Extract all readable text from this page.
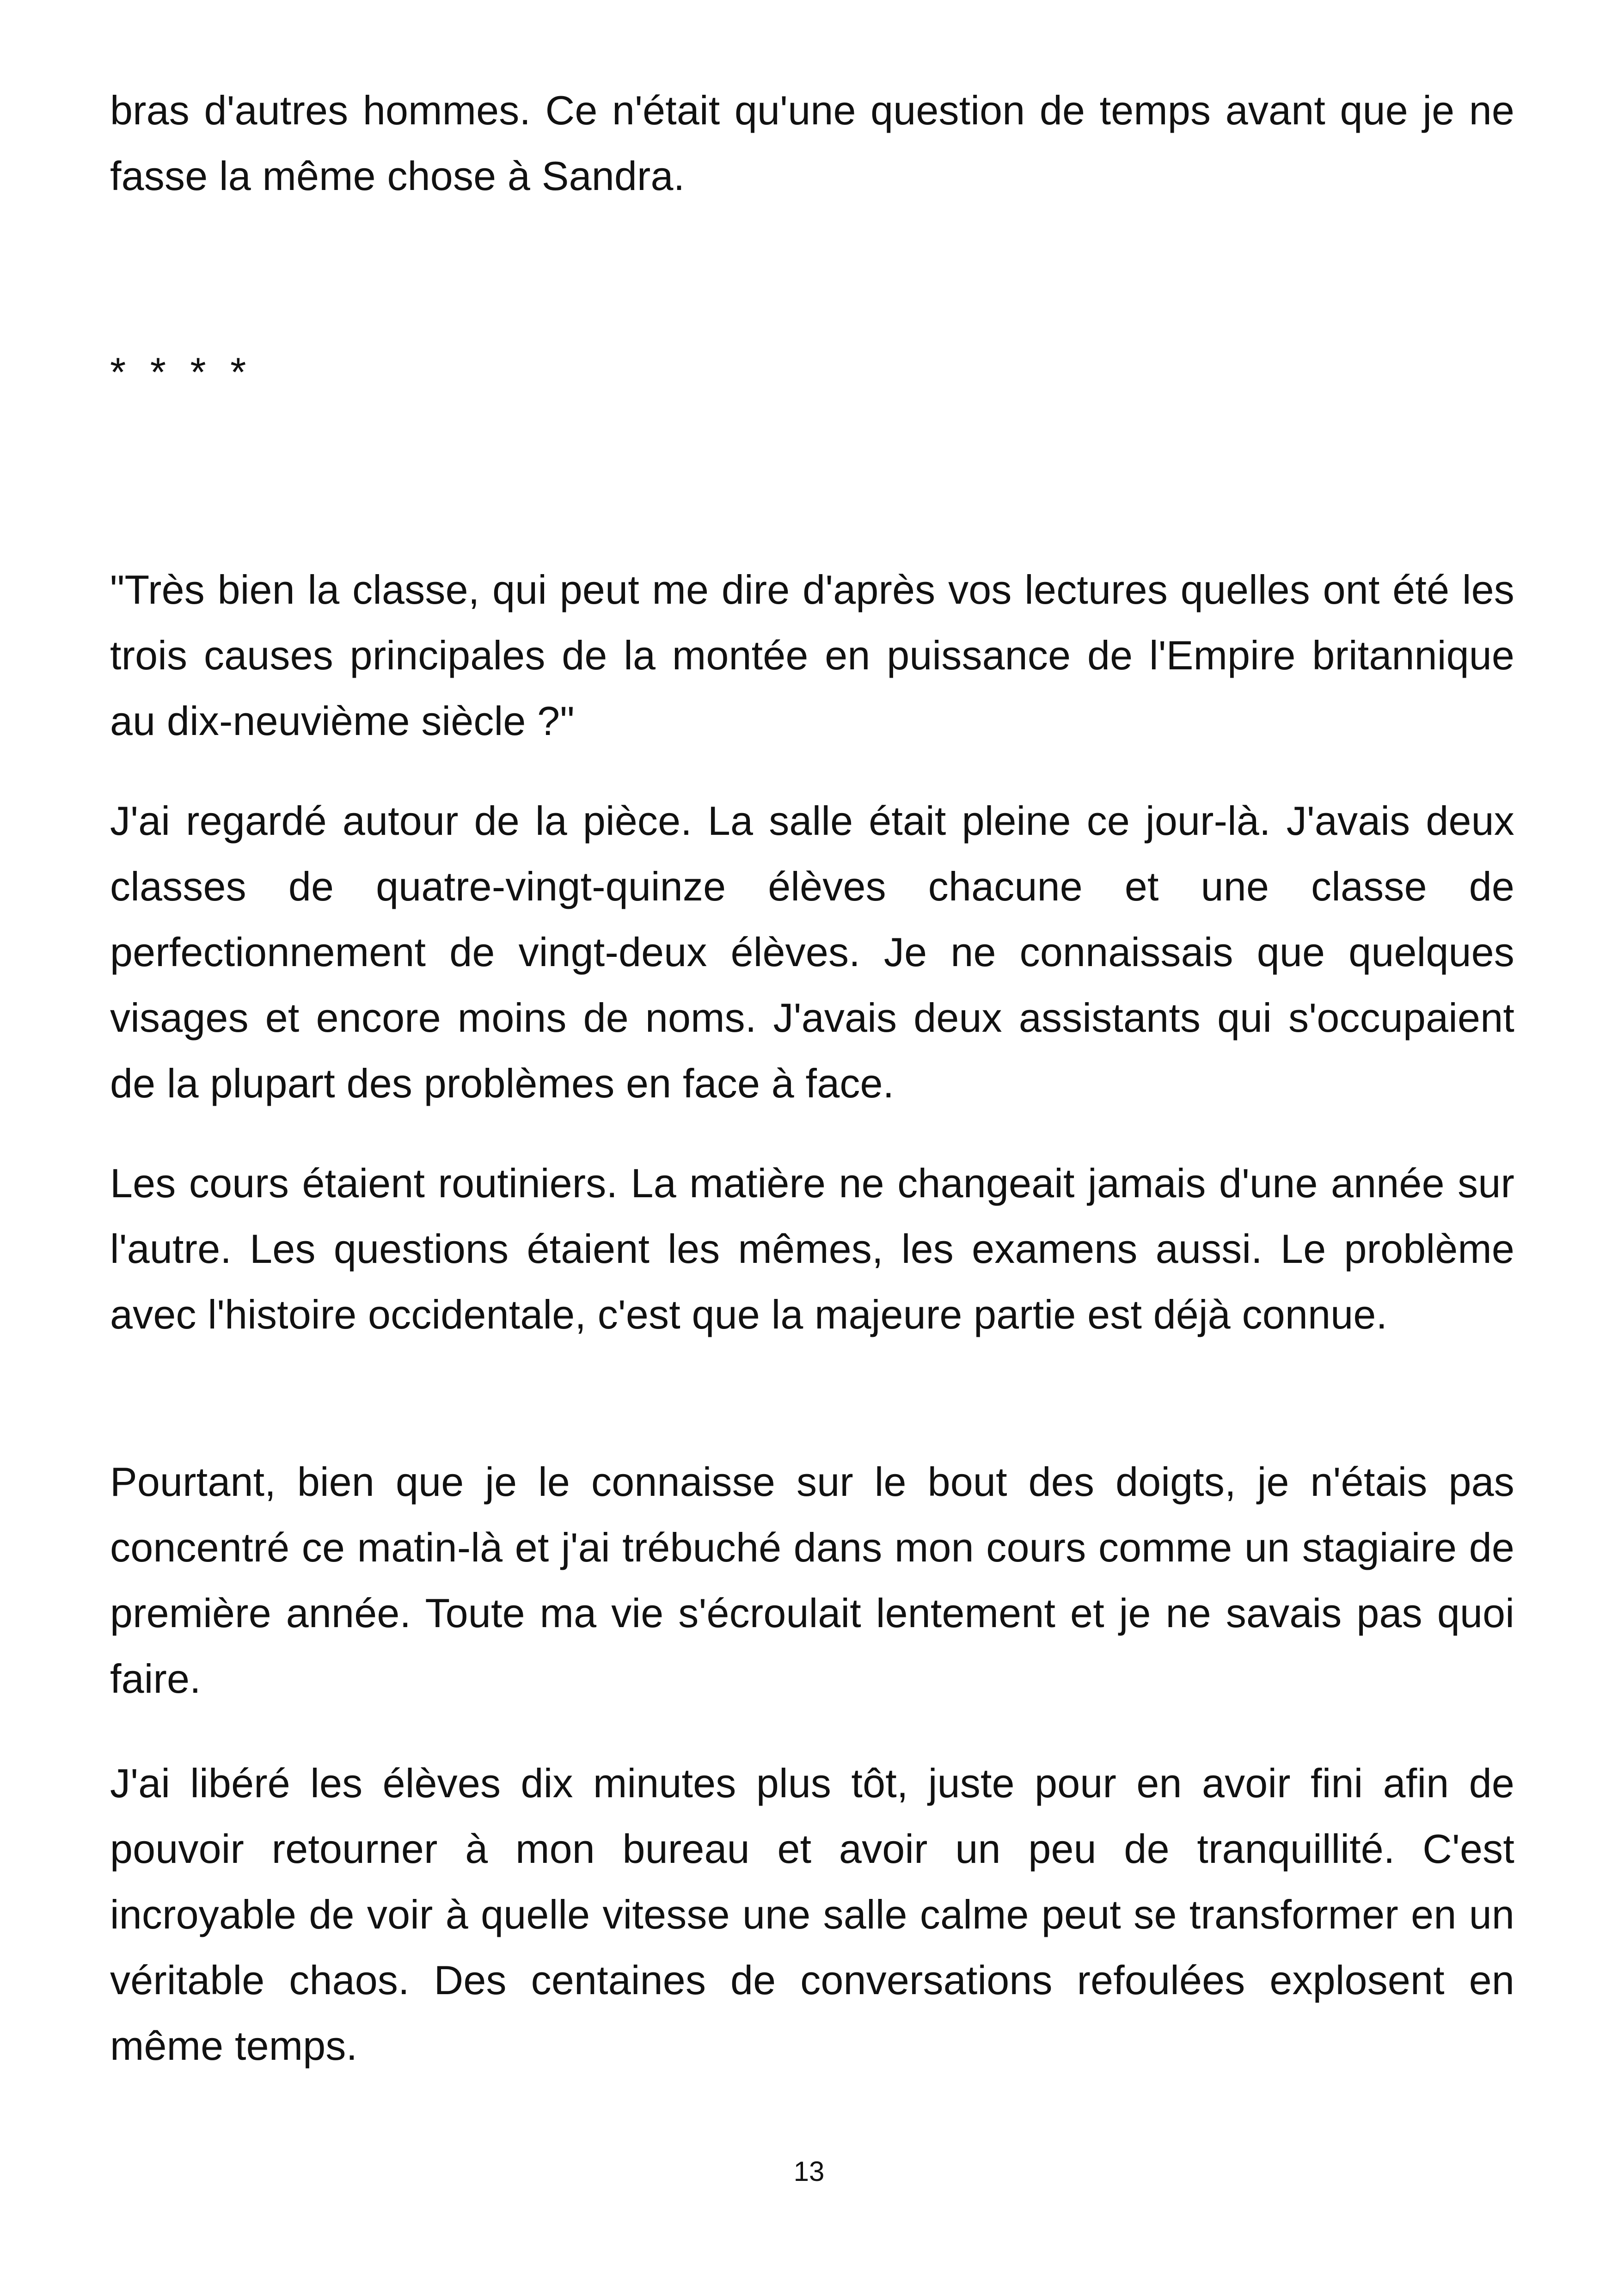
bras d'autres hommes. Ce n'était qu'une question de temps avant que je ne fasse la même chose à Sandra.

* * * *

"Très bien la classe, qui peut me dire d'après vos lectures quelles ont été les trois causes principales de la montée en puissance de l'Empire britannique au dix-neuvième siècle ?"

J'ai regardé autour de la pièce. La salle était pleine ce jour-là. J'avais deux classes de quatre-vingt-quinze élèves chacune et une classe de perfectionnement de vingt-deux élèves. Je ne connaissais que quelques visages et encore moins de noms. J'avais deux assistants qui s'occupaient de la plupart des problèmes en face à face.

Les cours étaient routiniers. La matière ne changeait jamais d'une année sur l'autre. Les questions étaient les mêmes, les examens aussi. Le problème avec l'histoire occidentale, c'est que la majeure partie est déjà connue.

Pourtant, bien que je le connaisse sur le bout des doigts, je n'étais pas concentré ce matin-là et j'ai trébuché dans mon cours comme un stagiaire de première année. Toute ma vie s'écroulait lentement et je ne savais pas quoi faire.

J'ai libéré les élèves dix minutes plus tôt, juste pour en avoir fini afin de pouvoir retourner à mon bureau et avoir un peu de tranquillité. C'est incroyable de voir à quelle vitesse une salle calme peut se transformer en un véritable chaos. Des centaines de conversations refoulées explosent en même temps.

13
